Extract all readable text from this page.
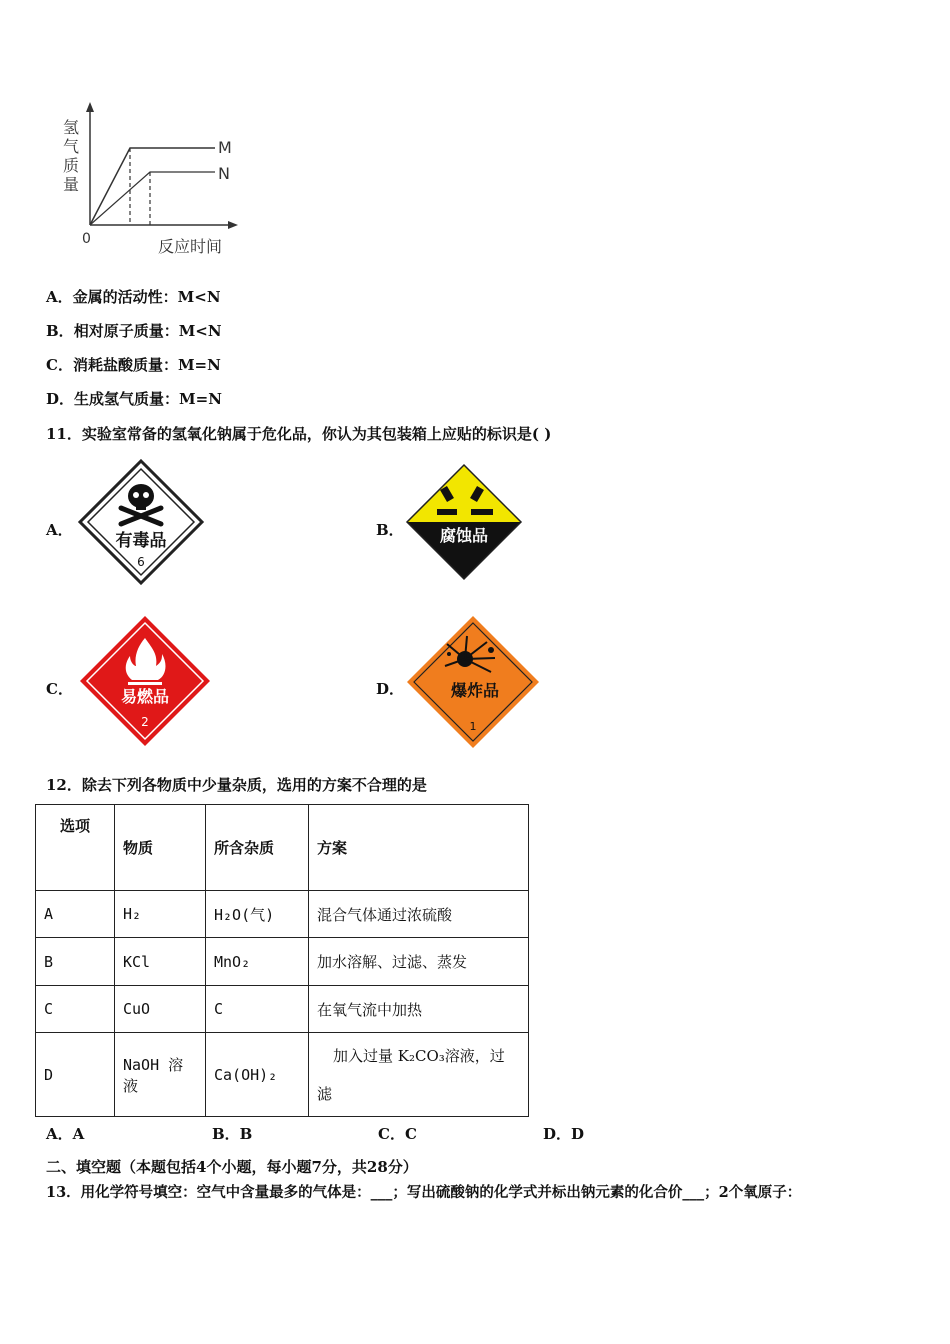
氢
气
质
量
M
N
0	反应时间
A．金属的活动性：M<N
B．相对原子质量：M<N
C．消耗盐酸质量：M=N
D．生成氢气质量：M=N
11．实验室常备的氢氧化钠属于危化品，你认为其包装箱上应贴的标识是( )
A．
有毒品
6
B． 腐蚀品
C．	易燃品
2
D．	爆炸品
1
12．除去下列各物质中少量杂质，选用的方案不合理的是
选项	物质	所含杂质	方案
A	H₂	H₂O(气)	混合气体通过浓硫酸
B	KCl	MnO₂	加水溶解、过滤、蒸发
C	CuO	C	在氧气流中加热
D	NaOH 溶液	Ca(OH)₂	加入过量 K₂CO₃溶液，过
滤
A．A	B．B	C．C	D．D
二、填空题（本题包括4个小题，每小题7分，共28分）
13．用化学符号填空：空气中含量最多的气体是：___；写出硫酸钠的化学式并标出钠元素的化合价___；2个氧原子：
